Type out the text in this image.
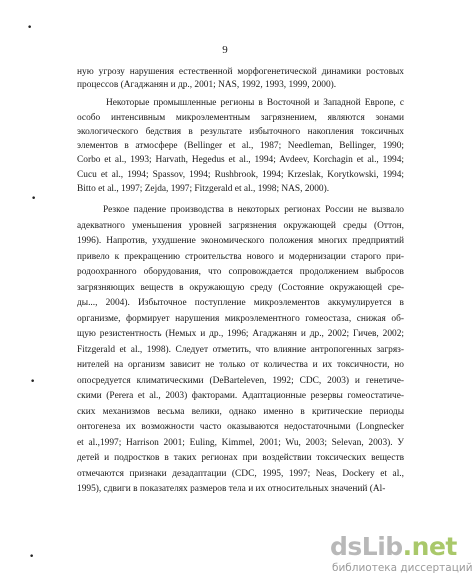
9
•
•
•
•
ную угрозу нарушения естественной морфогенетической динамики ростовых
процессов (Агаджанян и др., 2001; NAS, 1992, 1993, 1999, 2000).
Некоторые промышленные регионы в Восточной и Западной Европе, с
особо интенсивным микроэлементным загрязнением, являются зонами
экологического бедствия в результате избыточного накопления токсичных
элементов в атмосфере (Bellinger et al., 1987; Needleman, Bellinger, 1990;
Corbo et al., 1993; Harvath, Hegedus et al., 1994; Avdeev, Korchagin et al., 1994;
Cucu et al., 1994; Spassov, 1994; Rushbrook, 1994; Krzeslak, Korytkowski, 1994;
Bitto et al., 1997; Zejda, 1997; Fitzgerald et al., 1998; NAS, 2000).
Резкое падение производства в некоторых регионах России не вызвало
адекватного уменьшения уровней загрязнения окружающей среды (Оттон,
1996). Напротив, ухудшение экономического положения многих предприятий
привело к прекращению строительства нового и модернизации старого при-
родоохранного оборудования, что сопровождается продолжением выбросов
загрязняющих веществ в окружающую среду (Состояние окружающей сре-
ды..., 2004). Избыточное поступление микроэлементов аккумулируется в
организме, формирует нарушения микроэлементного гомеостаза, снижая об-
щую резистентность (Немых и др., 1996; Агаджанян и др., 2002; Гичев, 2002;
Fitzgerald et al., 1998). Следует отметить, что влияние антропогенных загряз-
нителей на организм зависит не только от количества и их токсичности, но
опосредуется климатическими (DeBarteleven, 1992; CDC, 2003) и генетиче-
скими (Perera et al., 2003) факторами. Адаптационные резервы гомеостатиче-
ских механизмов весьма велики, однако именно в критические периоды
онтогенеза их возможности часто оказываются недостаточными (Longnecker
et al.,1997; Harrison 2001; Euling, Kimmel, 2001; Wu, 2003; Selevan, 2003). У
детей и подростков в таких регионах при воздействии токсических веществ
отмечаются признаки дезадаптации (CDC, 1995, 1997; Neas, Dockery et al.,
1995), сдвиги в показателях размеров тела и их относительных значений (Al-
dsLib.net
библиотека диссертаций
